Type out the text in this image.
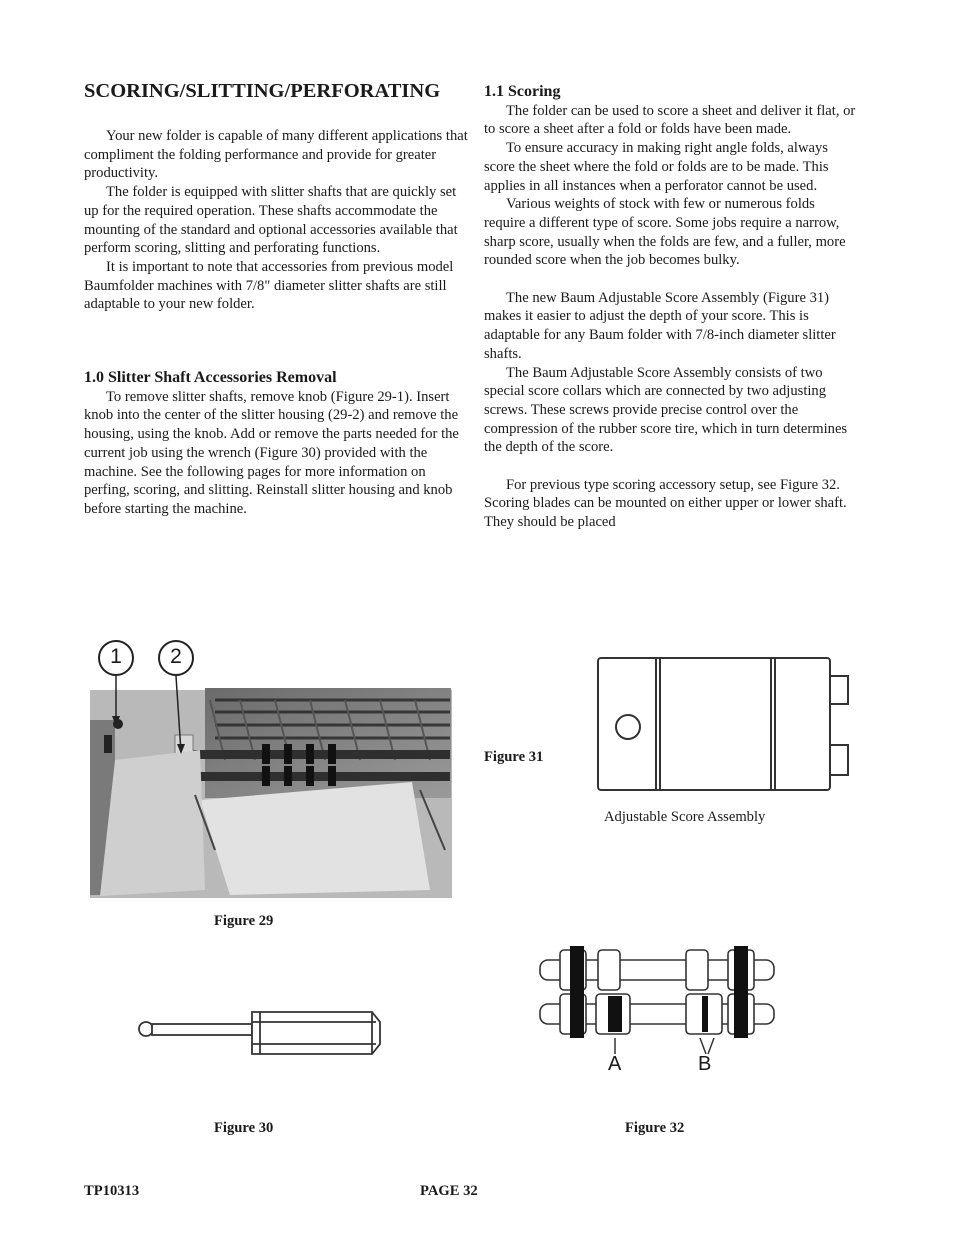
SCORING/SLITTING/PERFORATING

Your new folder is capable of many different applications that compliment the folding performance and provide for greater productivity.

The folder is equipped with slitter shafts that are quickly set up for the required operation. These shafts accommodate the mounting of the standard and optional accessories available that perform scoring, slitting and perforating functions.

It is important to note that accessories from previous model Baumfolder machines with 7/8" diameter slitter shafts are still adaptable to your new folder.

1.0 Slitter Shaft Accessories Removal

To remove slitter shafts, remove knob (Figure 29-1). Insert knob into the center of the slitter housing (29-2) and remove the housing, using the knob. Add or remove the parts needed for the current job using the wrench (Figure 30) provided with the machine. See the following pages for more information on perfing, scoring, and slitting. Reinstall slitter housing and knob before starting the machine.

1.1 Scoring

The folder can be used to score a sheet and deliver it flat, or to score a sheet after a fold or folds have been made.

To ensure accuracy in making right angle folds, always score the sheet where the fold or folds are to be made. This applies in all instances when a perforator cannot be used.

Various weights of stock with few or numerous folds require a different type of score. Some jobs require a narrow, sharp score, usually when the folds are few, and a fuller, more rounded score when the job becomes bulky.

The new Baum Adjustable Score Assembly (Figure 31) makes it easier to adjust the depth of your score. This is adaptable for any Baum folder with 7/8-inch diameter slitter shafts.

The Baum Adjustable Score Assembly consists of two special score collars which are connected by two adjusting screws. These screws provide precise control over the compression of the rubber score tire, which in turn determines the depth of the score.

For previous type scoring accessory setup, see Figure 32. Scoring blades can be mounted on either upper or lower shaft. They should be placed

1 2
Figure 29
Figure 31
Adjustable Score Assembly
Figure 30
A	B
Figure 32
TP10313	PAGE 32
